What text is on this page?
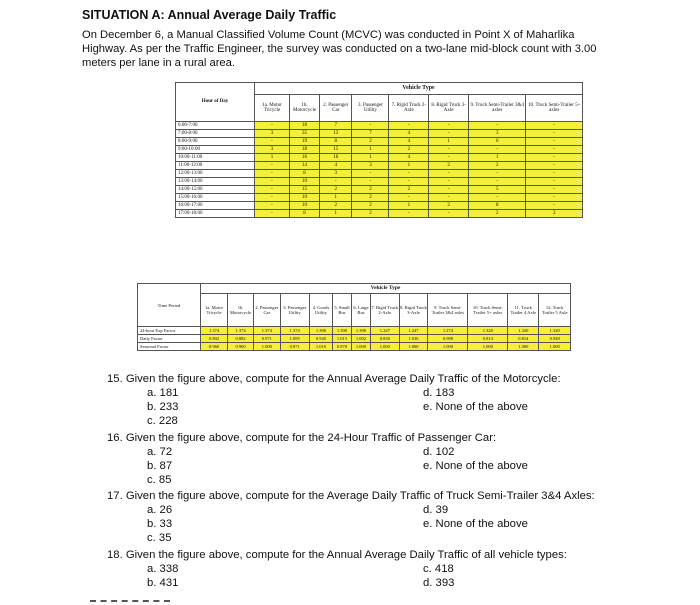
SITUATION A: Annual Average Daily Traffic
On December 6, a Manual Classified Volume Count (MCVC) was conducted in Point X of Maharlika Highway. As per the Traffic Engineer, the survey was conducted on a two-lane mid-block count with 3.00 meters per lane in a rural area.
Hour of Day	Vehicle Type							
	1a. Motor Tricycle	1b. Motorcycle	2. Passenger Car	3. Passenger Utility	7. Rigid Truck 2-Axle	8. Rigid Truck 3-Axle	9. Truck Semi-Trailer 3&4 axles	10. Truck Semi-Trailer 5+ axles
6:00-7:00	-	18	7	-	-	-	-	-
7:00-8:00	3	35	13	7	4	-	3	-
8:00-9:00	-	19	8	2	4	1	6	-
9:00-10:00	3	18	15	1	2	-	-	-
10:00-11:00	1	16	16	1	4	-	1	-
11:00-12:00	-	14	4	3	1	2	2	-
12:00-13:00	-	8	3	-	-	-	-	-
13:00-14:00	-	10	-	-	-	-	-	-
14:00-15:00	-	15	2	2	2	-	5	-
15:00-16:00	-	10	1	2	-	-	-	-
16:00-17:00	-	10	2	2	1	2	8	-
17:00-18:00	-	8	1	2	-	-	2	2
Time Period	Vehicle Type												
	1a. Motor Tricycle	1b. Motorcycle	2. Passenger Car	3. Passenger Utility	4. Goods Utility	5. Small Bus	6. Large Bus	7. Rigid Truck 2-Axle	8. Rigid Truck 3-Axle	9. Truck Semi-Trailer 3&4 axles	10. Truck Semi-Trailer 5+ axles	11. Truck Trailer 4 Axle	12. Truck Trailer 5 Axle
24-hour Exp Factor	1.374	1.374	1.374	1.374	1.390	1.390	1.390	1.247	1.247	1.274	1.320	1.320	1.320
Daily Factor	0.802	0.882	0.971	1.095	0.945	1.013	1.002	0.830	1.036	0.988	0.814	0.814	0.948
Seasonal Factor	0.960	0.900	1.000	0.871	1.016	0.870	1.000	1.000	1.000	1.000	1.000	1.000	1.000
15. Given the figure above, compute for the Annual Average Daily Traffic of the Motorcycle:
a. 181	d. 183
b. 233	e. None of the above
c. 228
16. Given the figure above, compute for the 24-Hour Traffic of Passenger Car:
a. 72	d. 102
b. 87	e. None of the above
c. 85
17. Given the figure above, compute for the Average Daily Traffic of Truck Semi-Trailer 3&4 Axles:
a. 26	d. 39
b. 33	e. None of the above
c. 35
18. Given the figure above, compute for the Annual Average Daily Traffic of all vehicle types:
a. 338	c. 418
b. 431	d. 393
